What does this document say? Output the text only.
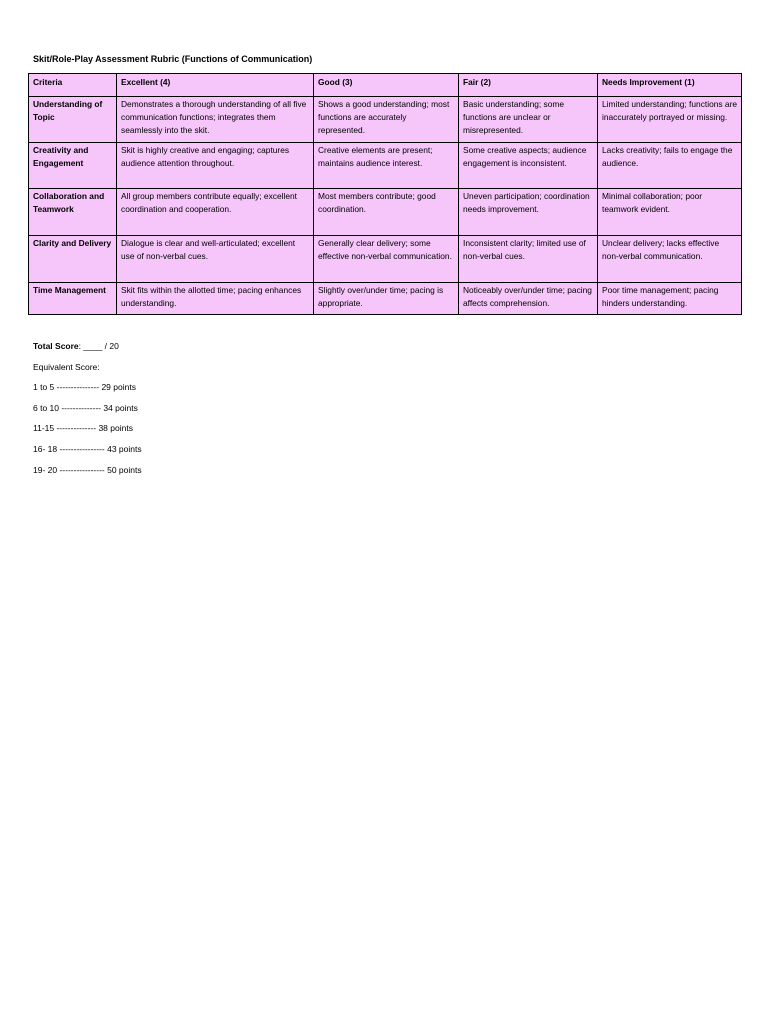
Skit/Role-Play Assessment Rubric (Functions of Communication)

Criteria	Excellent (4)	Good (3)	Fair (2)	Needs Improvement (1)
Understanding of Topic	Demonstrates a thorough understanding of all five communication functions; integrates them seamlessly into the skit.	Shows a good understanding; most functions are accurately represented.	Basic understanding; some functions are unclear or misrepresented.	Limited understanding; functions are inaccurately portrayed or missing.
Creativity and Engagement	Skit is highly creative and engaging; captures audience attention throughout.	Creative elements are present; maintains audience interest.	Some creative aspects; audience engagement is inconsistent.	Lacks creativity; fails to engage the audience.
Collaboration and Teamwork	All group members contribute equally; excellent coordination and cooperation.	Most members contribute; good coordination.	Uneven participation; coordination needs improvement.	Minimal collaboration; poor teamwork evident.
Clarity and Delivery	Dialogue is clear and well-articulated; excellent use of non-verbal cues.	Generally clear delivery; some effective non-verbal communication.	Inconsistent clarity; limited use of non-verbal cues.	Unclear delivery; lacks effective non-verbal communication.
Time Management	Skit fits within the allotted time; pacing enhances understanding.	Slightly over/under time; pacing is appropriate.	Noticeably over/under time; pacing affects comprehension.	Poor time management; pacing hinders understanding.

Total Score: ____ / 20

Equivalent Score:

1 to 5 --------------- 29 points

6 to 10 -------------- 34 points

11-15 -------------- 38 points

16- 18 ---------------- 43 points

19- 20 ---------------- 50 points
